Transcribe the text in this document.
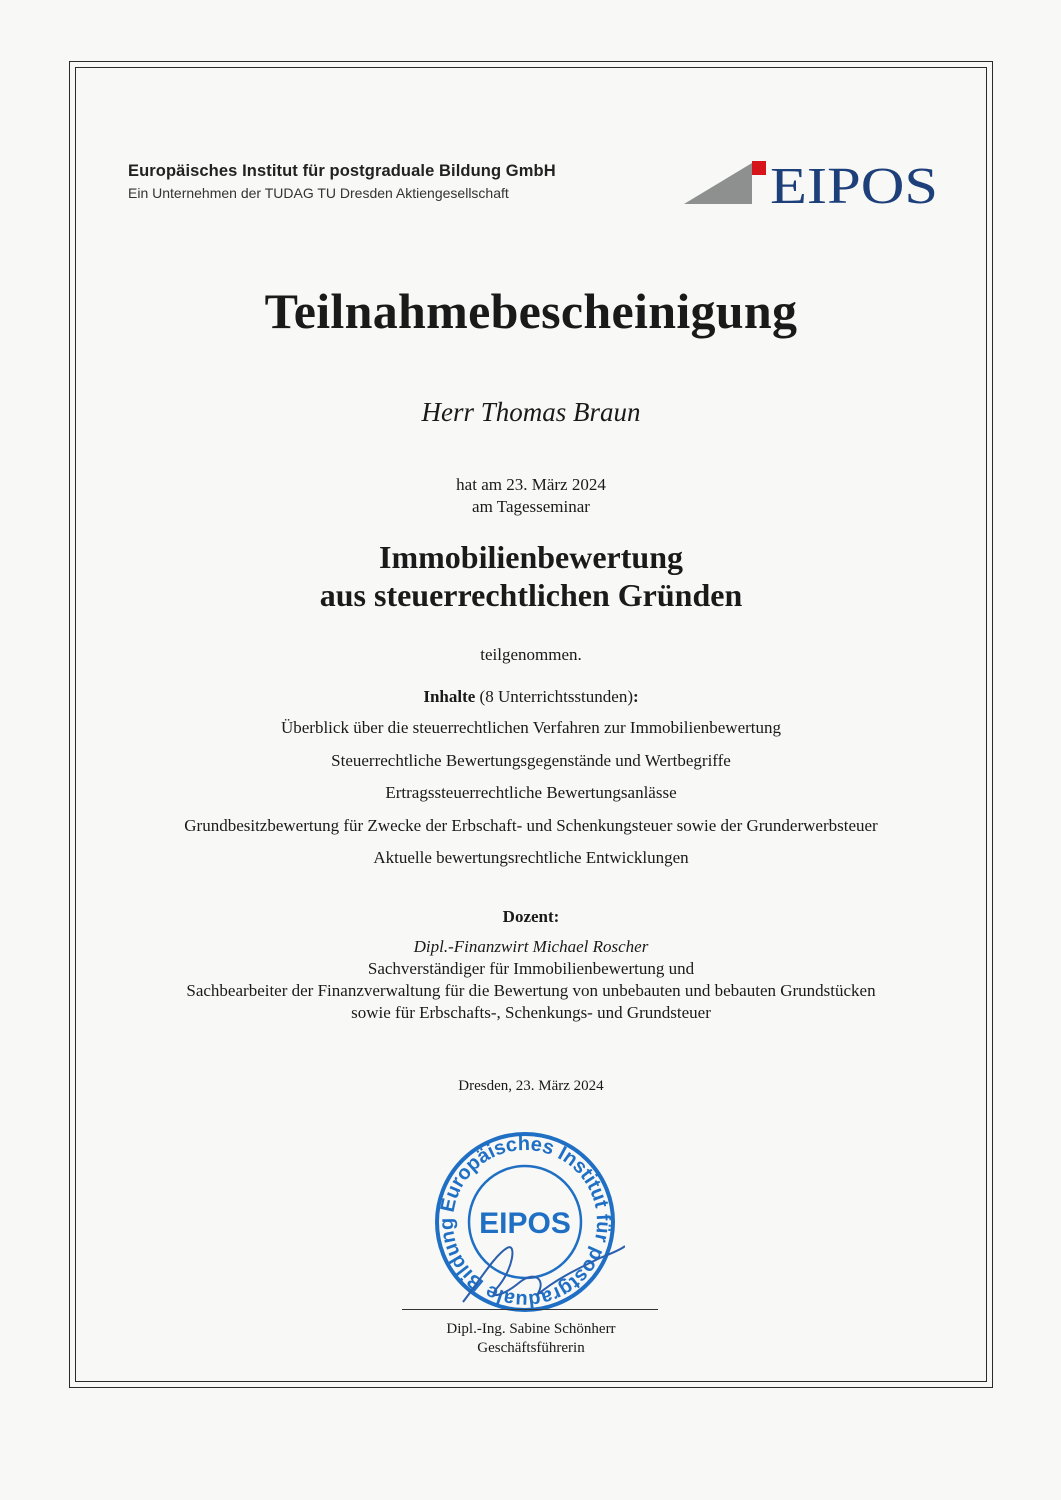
Europäisches Institut für postgraduale Bildung GmbH
Ein Unternehmen der TUDAG TU Dresden Aktiengesellschaft	EIPOS
Teilnahmebescheinigung
Herr Thomas Braun
hat am 23. März 2024
am Tagesseminar
Immobilienbewertung
aus steuerrechtlichen Gründen
teilgenommen.
Inhalte (8 Unterrichtsstunden):
Überblick über die steuerrechtlichen Verfahren zur Immobilienbewertung
Steuerrechtliche Bewertungsgegenstände und Wertbegriffe
Ertragssteuerrechtliche Bewertungsanlässe
Grundbesitzbewertung für Zwecke der Erbschaft- und Schenkungsteuer sowie der Grunderwerbsteuer
Aktuelle bewertungsrechtliche Entwicklungen
Dozent:
Dipl.-Finanzwirt Michael Roscher
Sachverständiger für Immobilienbewertung und
Sachbearbeiter der Finanzverwaltung für die Bewertung von unbebauten und bebauten Grundstücken
sowie für Erbschafts-, Schenkungs- und Grundsteuer
Dresden, 23. März 2024
Europäisches Institut für postgraduale Bildung EIPOS
Dipl.-Ing. Sabine Schönherr
Geschäftsführerin
